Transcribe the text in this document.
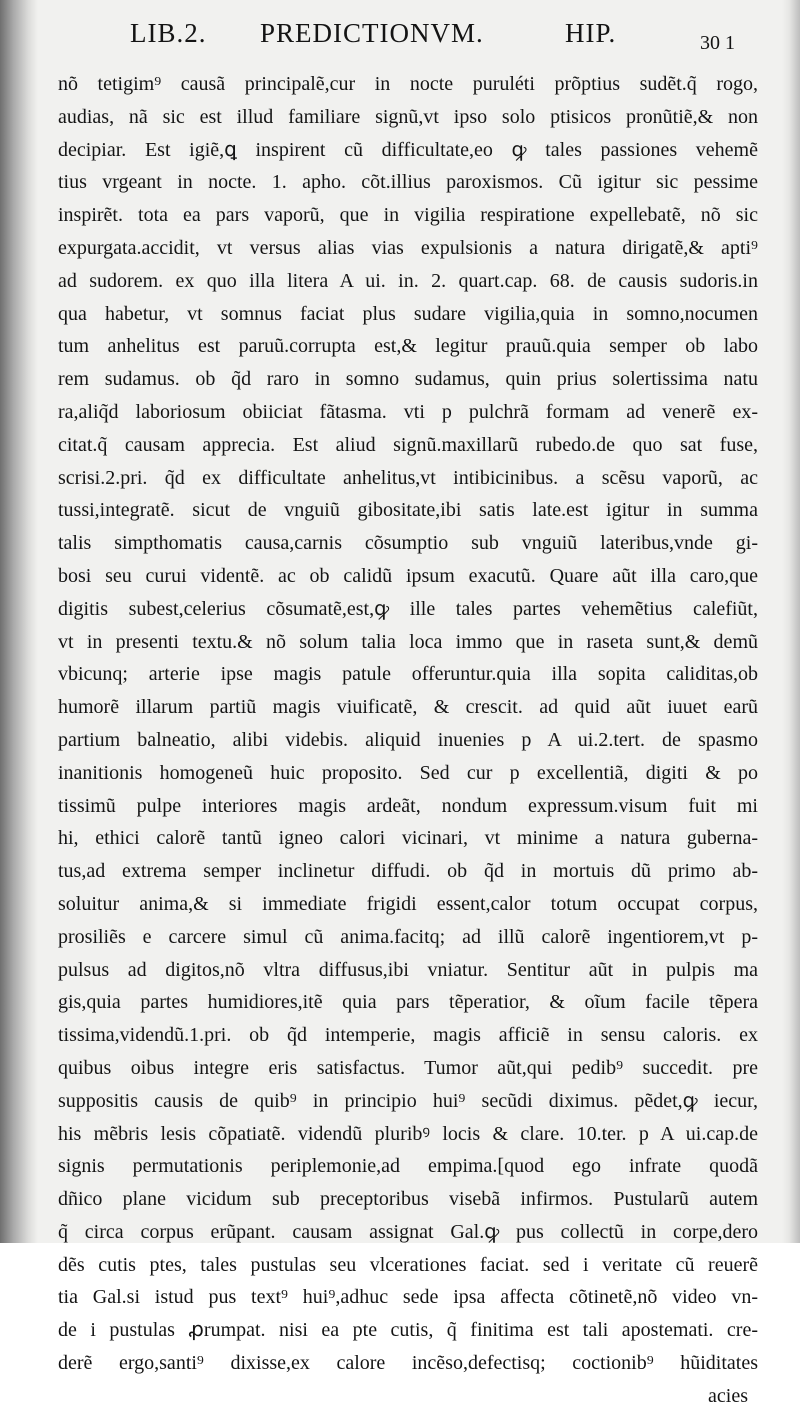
LIB.2. PREDICTIONVM.	HIP.	30 1
nõ tetigim⁹ causã principalẽ,cur in nocte puruléti prõptius sudẽt.q̃ rogo,
audias, nã sic est illud familiare signũ,vt ipso solo ptisicos pronũtiẽ,& non
decipiar. Est igiẽ,ꝗ inspirent cũ difficultate,eo ꝙ tales passiones vehemẽ
tius vrgeant in nocte. 1. apho. cõt.illius paroxismos. Cũ igitur sic pessime
inspirẽt. tota ea pars vaporũ, que in vigilia respiratione expellebatẽ, nõ sic
expurgata.accidit, vt versus alias vias expulsionis a natura dirigatẽ,& apti⁹
ad sudorem. ex quo illa litera A ui. in. 2. quart.cap. 68. de causis sudoris.in
qua habetur, vt somnus faciat plus sudare vigilia,quia in somno,nocumen
tum anhelitus est paruũ.corrupta est,& legitur prauũ.quia semper ob labo
rem sudamus. ob q̃d raro in somno sudamus, quin prius solertissima natu
ra,aliq̃d laboriosum obiiciat fãtasma. vti p pulchrã formam ad venerẽ ex-
citat.q̃ causam apprecia. Est aliud signũ.maxillarũ rubedo.de quo sat fuse,
scrisi.2.pri. q̃d ex difficultate anhelitus,vt intibicinibus. a scẽsu vaporũ, ac
tussi,integratẽ. sicut de vnguiũ gibositate,ibi satis late.est igitur in summa
talis simpthomatis causa,carnis cõsumptio sub vnguiũ lateribus,vnde gi-
bosi seu curui videntẽ. ac ob calidũ ipsum exacutũ. Quare aũt illa caro,que
digitis subest,celerius cõsumatẽ,est,ꝙ ille tales partes vehemẽtius calefiũt,
vt in presenti textu.& nõ solum talia loca immo que in raseta sunt,& demũ
vbicunq; arterie ipse magis patule offeruntur.quia illa sopita caliditas,ob
humorẽ illarum partiũ magis viuificatẽ, & crescit. ad quid aũt iuuet earũ
partium balneatio, alibi videbis. aliquid inuenies p A ui.2.tert. de spasmo
inanitionis homogeneũ huic proposito. Sed cur p excellentiã, digiti & po
tissimũ pulpe interiores magis ardeãt, nondum expressum.visum fuit mi
hi, ethici calorẽ tantũ igneo calori vicinari, vt minime a natura guberna-
tus,ad extrema semper inclinetur diffudi. ob q̃d in mortuis dũ primo ab-
soluitur anima,& si immediate frigidi essent,calor totum occupat corpus,
prosiliẽs e carcere simul cũ anima.facitq; ad illũ calorẽ ingentiorem,vt p-
pulsus ad digitos,nõ vltra diffusus,ibi vniatur. Sentitur aũt in pulpis ma
gis,quia partes humidiores,itẽ quia pars tẽperatior, & oĩum facile tẽpera
tissima,videndũ.1.pri. ob q̃d intemperie, magis afficiẽ in sensu caloris. ex
quibus oibus integre eris satisfactus. Tumor aũt,qui pedib⁹ succedit. pre
suppositis causis de quib⁹ in principio hui⁹ secũdi diximus. pẽdet,ꝙ iecur,
his mẽbris lesis cõpatiatẽ. videndũ pluribꝰ locis & clare. 10.ter. p A ui.cap.de
signis permutationis periplemonie,ad empima.[quod ego infrate quodã
dñico plane vicidum sub preceptoribus visebã infirmos. Pustularũ autem
q̃ circa corpus erũpant. causam assignat Gal.ꝙ pus collectũ in corpe,dero
dẽs cutis ptes, tales pustulas seu vlcerationes faciat. sed i veritate cũ reuerẽ
tia Gal.si istud pus text⁹ hui⁹,adhuc sede ipsa affecta cõtinetẽ,nõ video vn-
de i pustulas ꝓrumpat. nisi ea pte cutis, q̃ finitima est tali apostemati. cre-
derẽ ergo,santi⁹ dixisse,ex calore incẽso,defectisq; coctionib⁹ hũiditates
acies
